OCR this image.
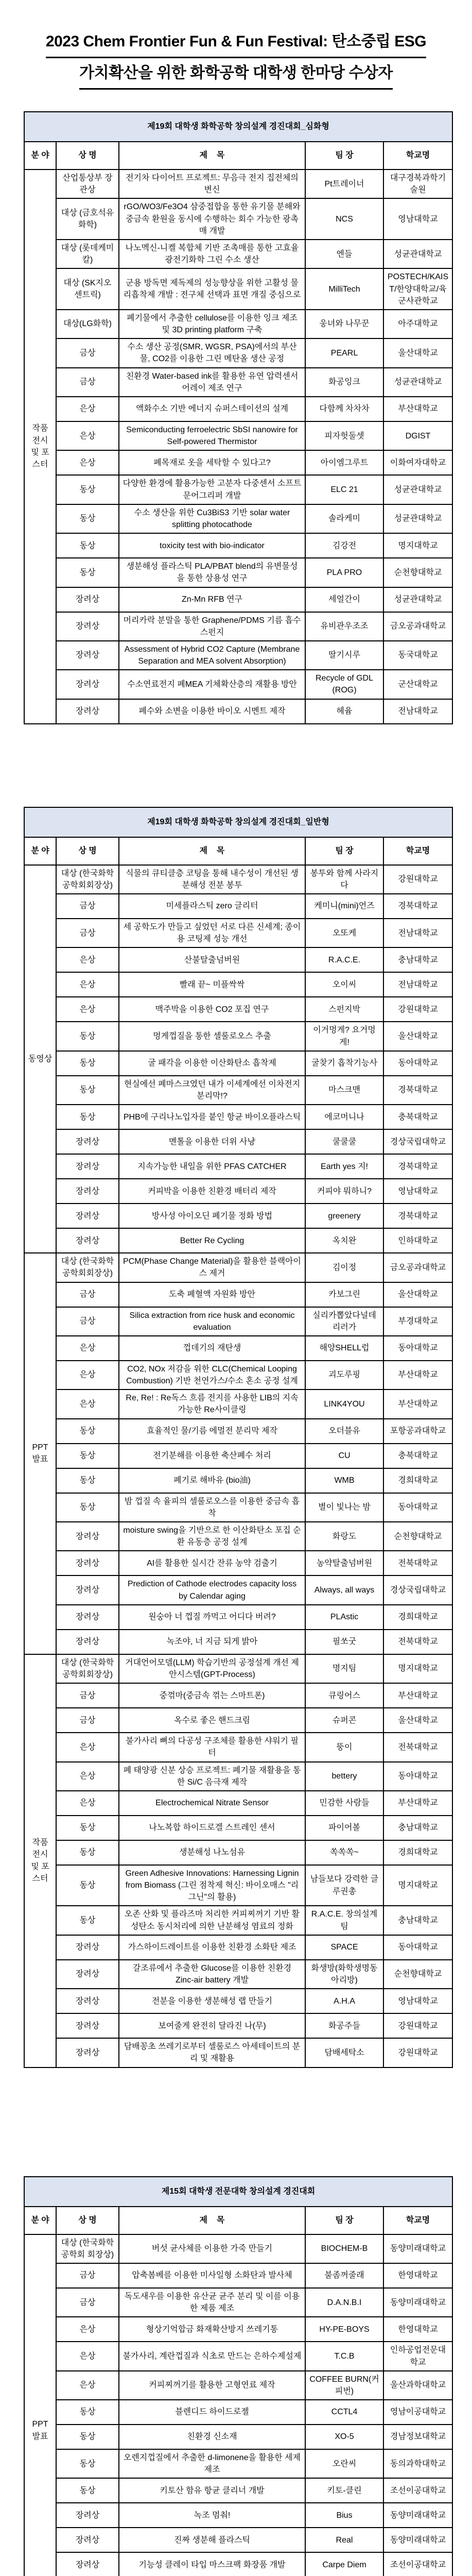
2023 Chem Frontier Fun & Fun Festival: 탄소중립 ESG
가치확산을 위한 화학공학 대학생 한마당 수상자
제19회 대학생 화학공학 창의설계 경진대회_심화형				
분 야	상 명	제    목	팀 장	학교명
작품 전시 및 포스터	산업통상부 장관상	전기차 다이어트 프로젝트: 무음극 전지 집전체의 변신	Pt트레이너	대구경북과학기술원
	대상 (금호석유화학)	rGO/WO3/Fe3O4 삼중접합을 통한 유기물 분해와 중금속 환원을 동시에 수행하는 회수 가능한 광촉매 개발	NCS	영남대학교
	대상 (롯데케미칼)	나노멕신-니켈 복합체 기반 조촉매를 통한 고효율 광전기화학 그린 수소 생산	엔들	성균관대학교
	대상 (SK지오센트릭)	군용 방독면 제독제의 성능향상을 위한 고활성 물리흡착제 개발 : 전구체 선택과 표면 개질 중심으로	MilliTech	POSTECH/KAIST/한양대학교/육군사관학교
	대상(LG화학)	폐기물에서 추출한 cellulose를 이용한 잉크 제조 및 3D printing platform 구축	웅녀와 나무꾼	아주대학교
	금상	수소 생산 공정(SMR, WGSR, PSA)에서의 부산물, CO2를 이용한 그린 메탄올 생산 공정	PEARL	울산대학교
	금상	친환경 Water-based ink를 활용한 유연 압력센서 어레이 제조 연구	화공잉크	성균관대학교
	은상	액화수소 기반 에너지 슈퍼스테이션의 설계	다함께 차차차	부산대학교
	은상	Semiconducting ferroelectric SbSI nanowire for Self-powered Thermistor	피자헛둘셋	DGIST
	은상	폐목재로 옷을 세탁할 수 있다고?	아이엠그루트	이화여자대학교
	동상	다양한 환경에 활용가능한 고분자 다중센서 소프트 문어그리퍼 개발	ELC 21	성균관대학교
	동상	수소 생산을 위한 Cu3BiS3 기반 solar water splitting photocathode	솔라케미	성균관대학교
	동상	toxicity test with bio-indicator	김강전	명지대학교
	동상	생분해성 플라스틱 PLA/PBAT blend의 유변물성을 통한 상용성 연구	PLA PRO	순천향대학교
	장려상	Zn-Mn RFB 연구	세얼간이	성균관대학교
	장려상	머리카락 분말을 통한 Graphene/PDMS 기름 흡수 스펀지	유비관우조조	금오공과대학교
	장려상	Assessment of Hybrid CO2 Capture (Membrane Separation and MEA solvent Absorption)	딸기시루	동국대학교
	장려상	수소연료전지 폐MEA 기체확산층의 재활용 방안	Recycle of GDL (ROG)	군산대학교
	장려상	폐수와 소변을 이용한 바이오 시멘트 제작	헤윰	전남대학교
제19회 대학생 화학공학 창의설계 경진대회_일반형				
분 야	상 명	제    목	팀 장	학교명
동영상	대상 (한국화학공학회회장상)	식물의 큐티클층 코팅을 통해 내수성이 개선된 생분해성 전분 봉투	봉투와 함께 사라지다	강원대학교
	금상	미세플라스틱 zero 글리터	케미니(mini)언즈	경북대학교
	금상	세 공학도가 만들고 싶었던 서로 다른 신세계; 종이용 코팅제 성능 개선	오또케	전남대학교
	은상	산불탈출넘버원	R.A.C.E.	충남대학교
	은상	빨래 끝~ 미플싹싹	오이씨	전남대학교
	은상	맥주박을 이용한 CO2 포집 연구	스펀지박	강원대학교
	동상	멍게껍질을 통한 셀룰로오스 추출	이거멍게? 요거멍게!	울산대학교
	동상	굴 패각을 이용한 이산화탄소 흡착제	굴찾기 흡착기능사	동아대학교
	동상	현실에선 폐마스크였던 내가 이세계에선 이차전지 분리막!?	마스크맨	경북대학교
	동상	PHB에 구리나노입자를 붙인 항균 바이오플라스틱	에코머니나	충북대학교
	장려상	멘톨을 이용한 더위 사냥	쿨쿨쿨	경상국립대학교
	장려상	지속가능한 내일을 위한 PFAS CATCHER	Earth yes 지!	경북대학교
	장려상	커피박을 이용한 친환경 배터리 제작	커피야 뭐하니?	영남대학교
	장려상	방사성 아이오딘 폐기물 정화 방법	greenery	경북대학교
	장려상	Better Re Cycling	옥치완	인하대학교
PPT 발표	대상 (한국화학공학회회장상)	PCM(Phase Change Material)을 활용한 블랙아이스 제거	김이정	금오공과대학교
	금상	도축 폐혈액 자원화 방안	카보그린	울산대학교
	금상	Silica extraction from rice husk and economic evaluation	실리카뽑았다널데리러가	부경대학교
	은상	껍데기의 재탄생	해양SHELL럽	동아대학교
	은상	CO2, NOx 저감을 위한 CLC(Chemical Looping Combustion) 기반 천연가스/수소 혼소 공정 설계	괴도루핑	부산대학교
	은상	Re, Re! : Re독스 흐름 전지를 사용한 LIB의 지속가능한 Re사이클링	LINK4YOU	부산대학교
	동상	효율적인 물/기름 에멀전 분리막 제작	오더블유	포항공과대학교
	동상	전기분해를 이용한 축산폐수 처리	CU	충북대학교
	동상	폐기로 해바유 (bio油)	WMB	경희대학교
	동상	밤 껍질 속 율피의 셀룰로오스를 이용한 중금속 흡착	별이 빛나는 밤	동아대학교
	장려상	moisture swing을 기반으로 한 이산화탄소 포집 순환 유동층 공정 설계	화랑도	순천향대학교
	장려상	AI를 활용한 실시간 잔류 농약 검출기	농약탈출넘버원	전북대학교
	장려상	Prediction of Cathode electrodes capacity loss by Calendar aging	Always, all ways	경상국립대학교
	장려상	원숭아 너 껍질 까먹고 어디다 버려?	PLAstic	경희대학교
	장려상	녹조야, 너 지금 되게 밝아	필쏘굿	전북대학교
작품 전시 및 포스터	대상 (한국화학공학회회장상)	거대언어모델(LLM) 학습기반의 공정설계 개선 제안시스템(GPT-Process)	명지팀	명지대학교
	금상	중꺾마(중금속 꺾는 스마트폰)	큐링어스	부산대학교
	금상	옥수로 좋은 핸드크림	슈퍼콘	울산대학교
	은상	불가사리 뼈의 다공성 구조체를 활용한 샤워기 필터	뚱이	전북대학교
	은상	폐 태양광 신분 상승 프로젝트: 폐기물 재활용을 통한 Si/C 음극재 제작	bettery	동아대학교
	은상	Electrochemical Nitrate Sensor	민감한 사람들	부산대학교
	동상	나노복합 하이드로겔 스트레인 센서	파이어볼	충남대학교
	동상	생분해성 나노섬유	쏙쏙쏙~	경희대학교
	동상	Green Adhesive Innovations: Harnessing Lignin from Biomass (그린 점착제 혁신: 바이오매스 "리그닌"의 활용)	남들보다 강력한 글루권총	명지대학교
	동상	오존 산화 및 플라즈마 처리한 커피찌꺼기 기반 활성탄소 동시처리에 의한 난분해성 염료의 정화	R.A.C.E. 창의설계팀	충남대학교
	장려상	가스하이드레이트를 이용한 친환경 소화탄 제조	SPACE	동아대학교
	장려상	갈조류에서 추출한 Glucose를 이용한 친환경 Zinc-air battery 개발	화생방(화학생명동아리방)	순천향대학교
	장려상	전분을 이용한 생분해성 랩 만들기	A.H.A	영남대학교
	장려상	보여줄게 완전히 달라진 나(무)	화공주들	강원대학교
	장려상	담배꽁초 쓰레기로부터 셀룰로스 아세테이트의 분리 및 재활용	담배세탁소	강원대학교
제15회 대학생 전문대학 창의설계 경진대회				
분 야	상 명	제    목	팀 장	학교명
PPT 발표	대상 (한국화학공학회 회장상)	버섯 균사체를 이용한 가죽 만들기	BIOCHEM-B	동양미래대학교
	금상	압축봄베를 이용한 미사일형 소화탄과 발사체	불좀꺼줄래	한영대학교
	금상	독도새우를 이용한 유산균 균주 분리 및 이를 이용한 제품 제조	D.A.N.B.I	동양미래대학교
	은상	형상기억합금 화재확산방지 쓰레기통	HY-PE-BOYS	한영대학교
	은상	불가사리, 계란껍질과 식초로 만드는 은하수제설제	T.C.B	인하공업전문대학교
	은상	커피찌꺼기를 활용한 고형연료 제작	COFFEE BURN(커피번)	울산과학대학교
	동상	블렌디드 하이드로젤	CCTL4	영남이공대학교
	동상	친환경 신소재	XO-5	경남정보대학교
	동상	오렌지껍질에서 추출한 d-limonene을 활용한 세제 제조	오란씨	동의과학대학교
	동상	키토산 함유 항균 클리너 개발	키토-클린	조선이공대학교
	장려상	녹조 멈춰!	Bius	동양미래대학교
	장려상	진짜 생분해 플라스틱	Real	동양미래대학교
	장려상	기능성 클레이 타입 마스크팩 화장품 개발	Carpe Diem	조선이공대학교
